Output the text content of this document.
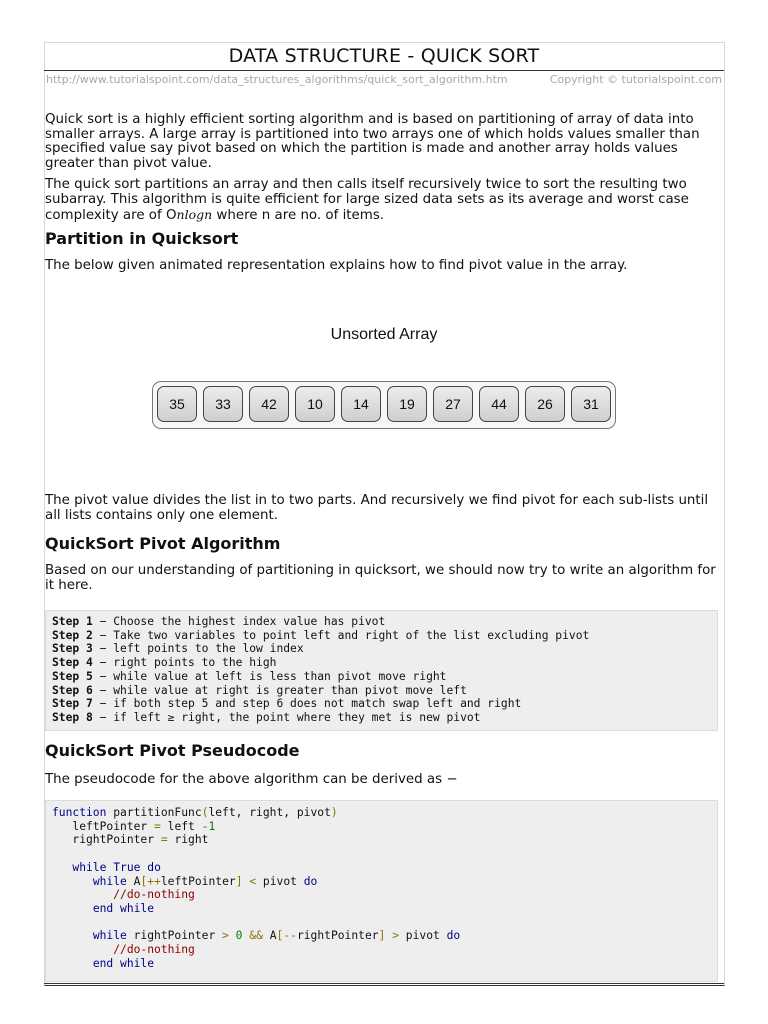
DATA STRUCTURE - QUICK SORT
http://www.tutorialspoint.com/data_structures_algorithms/quick_sort_algorithm.htm	Copyright © tutorialspoint.com

Quick sort is a highly efficient sorting algorithm and is based on partitioning of array of data into smaller arrays. A large array is partitioned into two arrays one of which holds values smaller than specified value say pivot based on which the partition is made and another array holds values greater than pivot value.

The quick sort partitions an array and then calls itself recursively twice to sort the resulting two subarray. This algorithm is quite efficient for large sized data sets as its average and worst case complexity are of Onlogn where n are no. of items.

Partition in Quicksort

The below given animated representation explains how to find pivot value in the array.

Unsorted Array
35	33	42	10	14	19	27	44	26	31

The pivot value divides the list in to two parts. And recursively we find pivot for each sub-lists until all lists contains only one element.

QuickSort Pivot Algorithm

Based on our understanding of partitioning in quicksort, we should now try to write an algorithm for it here.

Step 1 − Choose the highest index value has pivot
Step 2 − Take two variables to point left and right of the list excluding pivot
Step 3 − left points to the low index
Step 4 − right points to the high
Step 5 − while value at left is less than pivot move right
Step 6 − while value at right is greater than pivot move left
Step 7 − if both step 5 and step 6 does not match swap left and right
Step 8 − if left ≥ right, the point where they met is new pivot
QuickSort Pivot Pseudocode

The pseudocode for the above algorithm can be derived as −

function partitionFunc(left, right, pivot)
leftPointer = left -1
rightPointer = right

while True do
while A[++leftPointer] < pivot do
//do-nothing
end while

while rightPointer > 0 && A[--rightPointer] > pivot do
//do-nothing
end while
